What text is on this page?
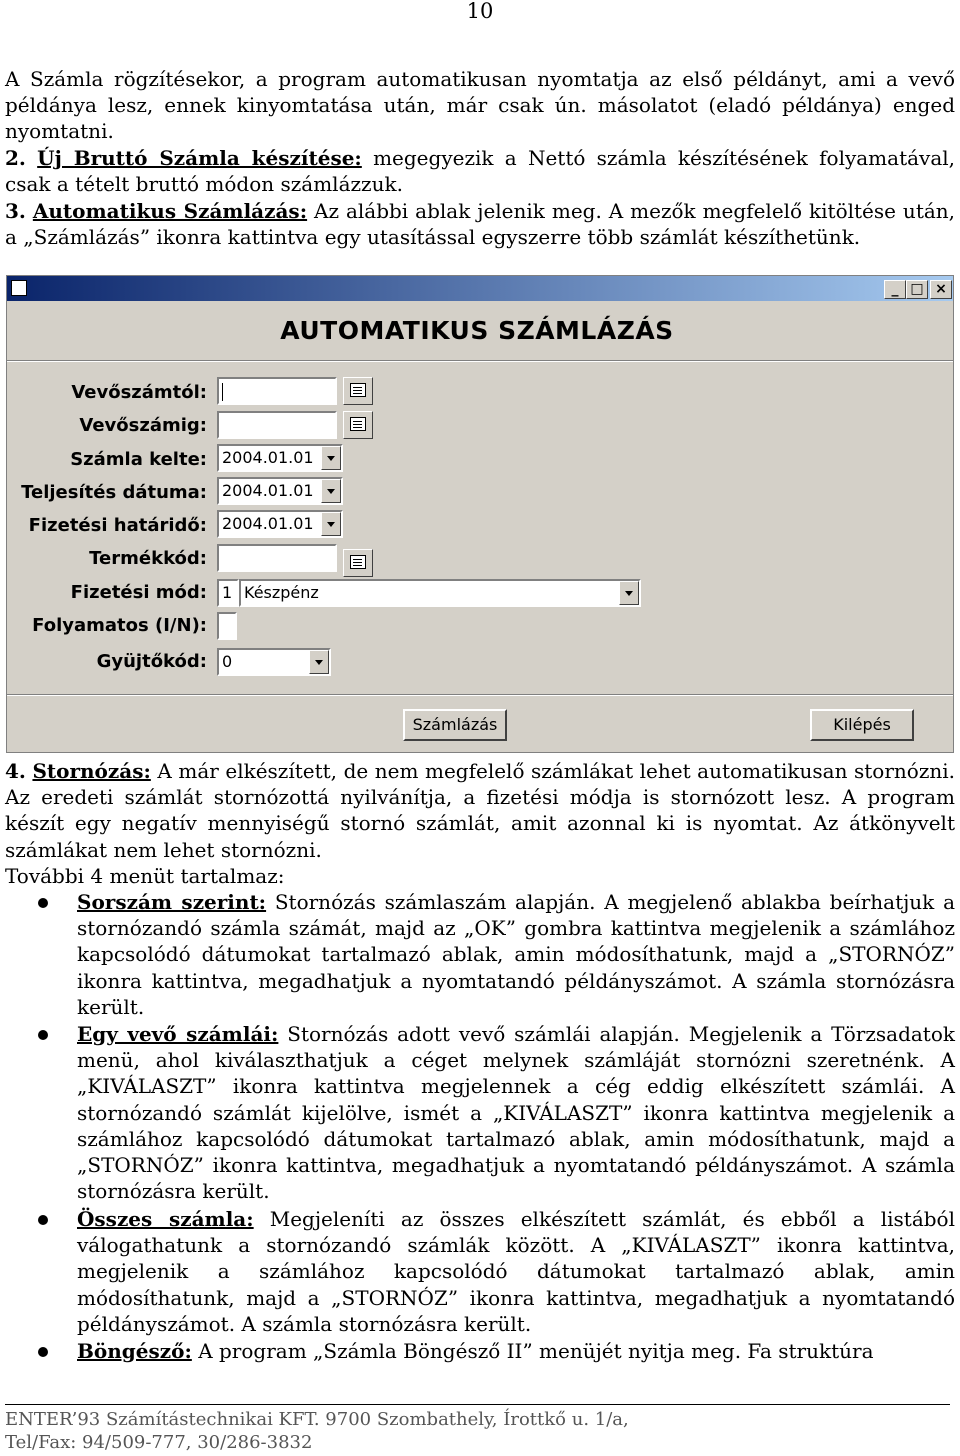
10
A Számla rögzítésekor, a program automatikusan nyomtatja az első példányt, ami a vevő példánya lesz, ennek kinyomtatása után, már csak ún. másolatot (eladó példánya) enged nyomtatni.
2. Új Bruttó Számla készítése: megegyezik a Nettó számla készítésének folyamatával, csak a tételt bruttó módon számlázzuk.
3. Automatikus Számlázás: Az alábbi ablak jelenik meg. A mezők megfelelő kitöltése után, a „Számlázás” ikonra kattintva egy utasítással egyszerre több számlát készíthetünk.
_ □ ×
AUTOMATIKUS SZÁMLÁZÁS
Vevőszámtól:
Vevőszámig:
Számla kelte: 2004.01.01
Teljesítés dátuma: 2004.01.01
Fizetési határidő: 2004.01.01
Termékkód:
Fizetési mód: 1 Készpénz
Folyamatos (I/N):
Gyüjtőkód: 0
Számlázás	Kilépés
4. Stornózás: A már elkészített, de nem megfelelő számlákat lehet automatikusan stornózni. Az eredeti számlát stornózottá nyilvánítja, a fizetési módja is stornózott lesz. A program készít egy negatív mennyiségű stornó számlát, amit azonnal ki is nyomtat. Az átkönyvelt számlákat nem lehet stornózni.
További 4 menüt tartalmaz:
Sorszám szerint: Stornózás számlaszám alapján. A megjelenő ablakba beírhatjuk a stornózandó számla számát, majd az „OK” gombra kattintva megjelenik a számlához kapcsolódó dátumokat tartalmazó ablak, amin módosíthatunk, majd a „STORNÓZ” ikonra kattintva, megadhatjuk a nyomtatandó példányszámot. A számla stornózásra került.
Egy vevő számlái: Stornózás adott vevő számlái alapján. Megjelenik a Törzsadatok menü, ahol kiválaszthatjuk a céget melynek számláját stornózni szeretnénk. A „KIVÁLASZT” ikonra kattintva megjelennek a cég eddig elkészített számlái. A stornózandó számlát kijelölve, ismét a „KIVÁLASZT” ikonra kattintva megjelenik a számlához kapcsolódó dátumokat tartalmazó ablak, amin módosíthatunk, majd a „STORNÓZ” ikonra kattintva, megadhatjuk a nyomtatandó példányszámot. A számla stornózásra került.
Összes számla: Megjeleníti az összes elkészített számlát, és ebből a listából válogathatunk a stornózandó számlák között. A „KIVÁLASZT” ikonra kattintva, megjelenik a számlához kapcsolódó dátumokat tartalmazó ablak, amin módosíthatunk, majd a „STORNÓZ” ikonra kattintva, megadhatjuk a nyomtatandó példányszámot. A számla stornózásra került.
Böngésző: A program „Számla Böngésző II” menüjét nyitja meg. Fa struktúra
ENTER’93 Számítástechnikai KFT. 9700 Szombathely, Írottkő u. 1/a,
Tel/Fax: 94/509-777, 30/286-3832
